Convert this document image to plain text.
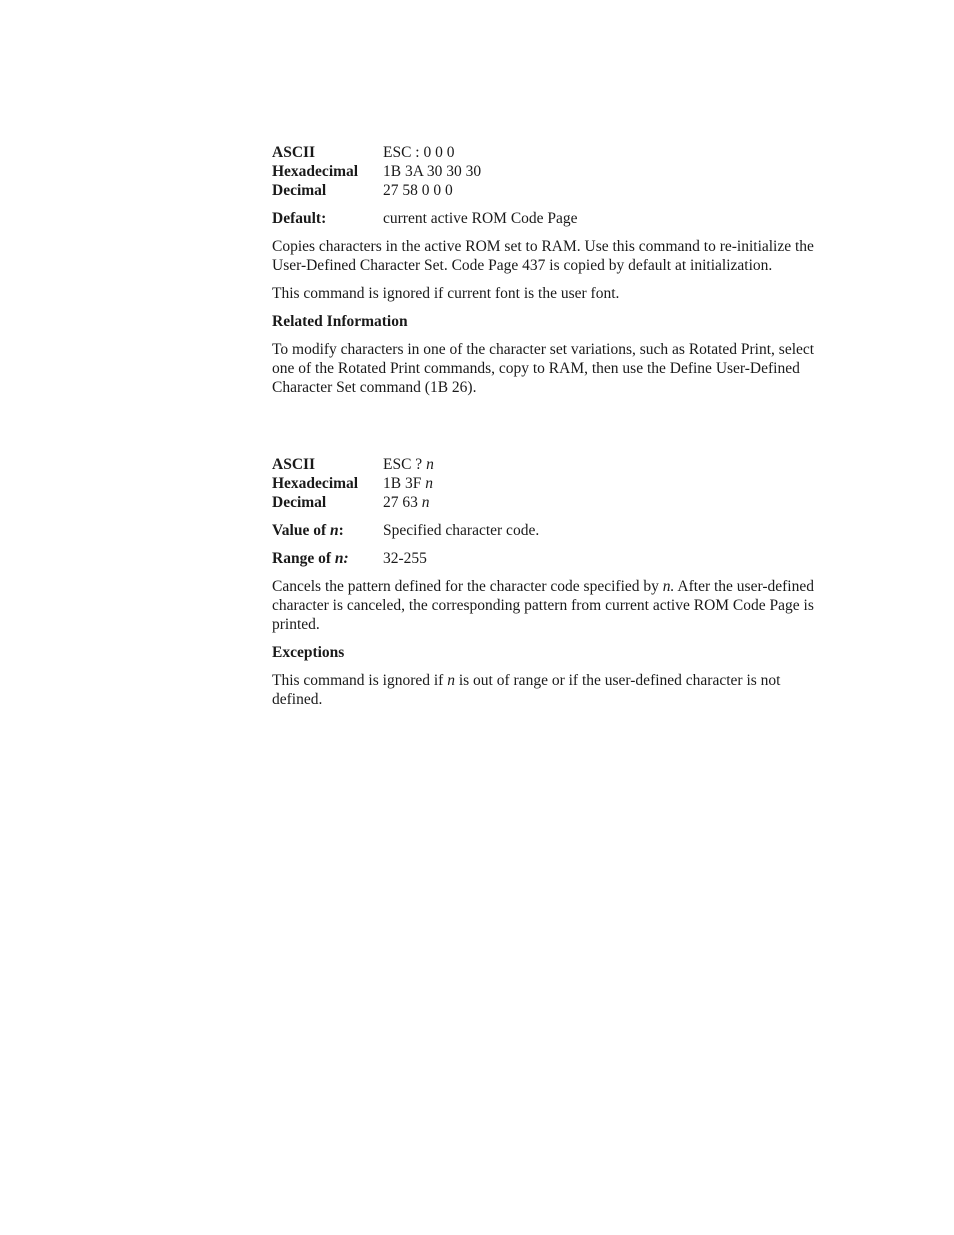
ASCII	ESC : 0 0 0
Hexadecimal 1B 3A 30 30 30
Decimal	27 58 0 0 0
Default:	current active ROM Code Page

Copies characters in the active ROM set to RAM. Use this command to re-initialize the

User-Defined Character Set. Code Page 437 is copied by default at initialization.

This command is ignored if current font is the user font.

Related Information

To modify characters in one of the character set variations, such as Rotated Print, select

one of the Rotated Print commands, copy to RAM, then use the Define User-Defined

Character Set command (1B 26).

ASCII	ESC ? n
Hexadecimal 1B 3F n
Decimal	27 63 n
Value of n:	Specified character code.
Range of n: 32-255

Cancels the pattern defined for the character code specified by n. After the user-defined

character is canceled, the corresponding pattern from current active ROM Code Page is

printed.

Exceptions

This command is ignored if n is out of range or if the user-defined character is not

defined.
